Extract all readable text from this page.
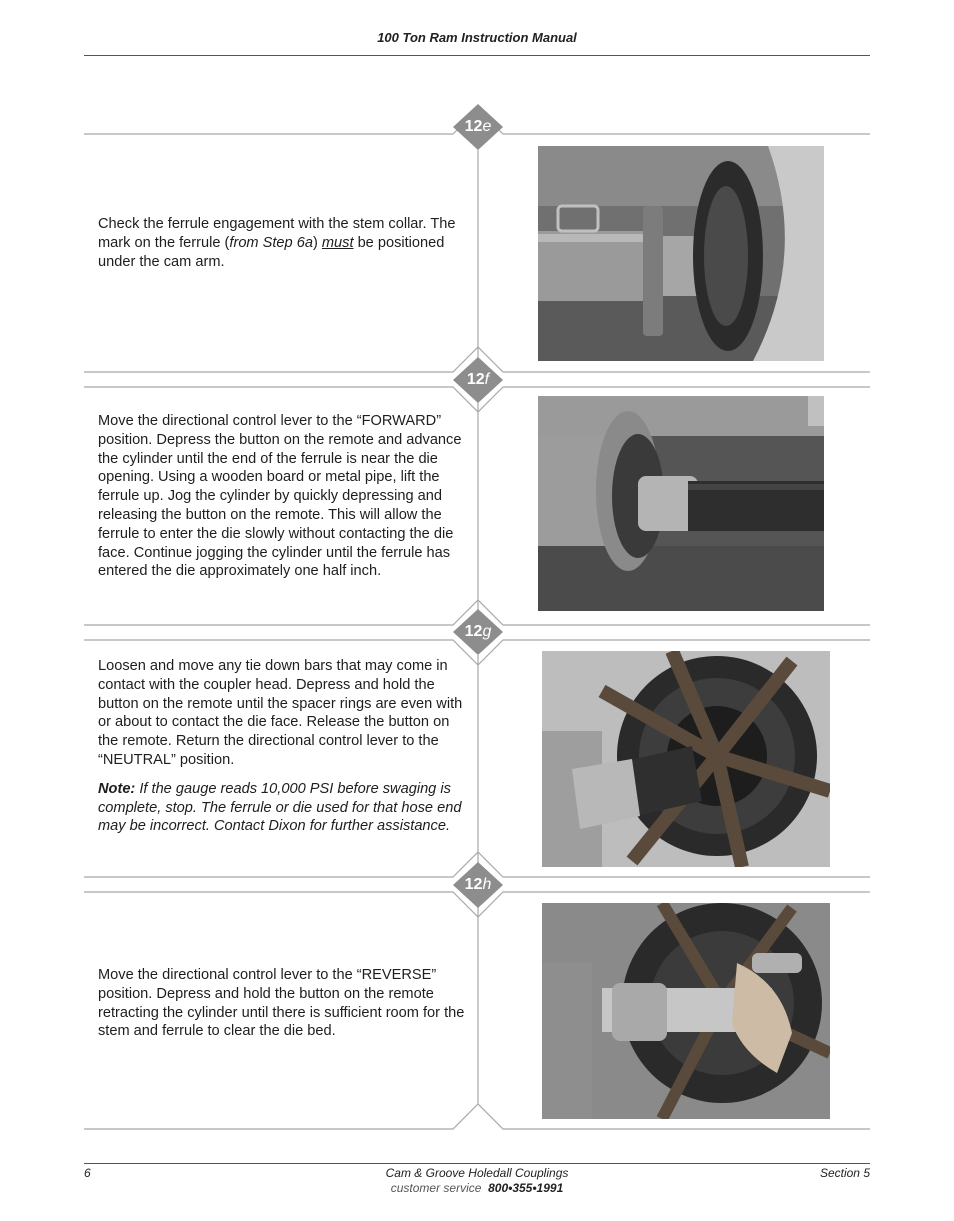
100 Ton Ram Instruction Manual
12e
12f
12g
12h

Check the ferrule engagement with the stem collar. The mark on the ferrule (from Step 6a) must be positioned under the cam arm.

Move the directional control lever to the “FORWARD” position. Depress the button on the remote and advance the cylinder until the end of the ferrule is near the die opening. Using a wooden board or metal pipe, lift the ferrule up. Jog the cylinder by quickly depressing and releasing the button on the remote. This will allow the ferrule to enter the die slowly without contacting the die face. Continue jogging the cylinder until the ferrule has entered the die approximately one half inch.

Loosen and move any tie down bars that may come in contact with the coupler head. Depress and hold the button on the remote until the spacer rings are even with or about to contact the die face. Release the button on the remote. Return the directional control lever to the “NEUTRAL” position.

Note: If the gauge reads 10,000 PSI before swaging is complete, stop. The ferrule or die used for that hose end may be incorrect. Contact Dixon for further assistance.

Move the directional control lever to the “REVERSE” position. Depress and hold the button on the remote retracting the cylinder until there is sufficient room for the stem and ferrule to clear the die bed.

6	Cam & Groove Holedall Couplings
customer service 800•355•1991
Section 5
